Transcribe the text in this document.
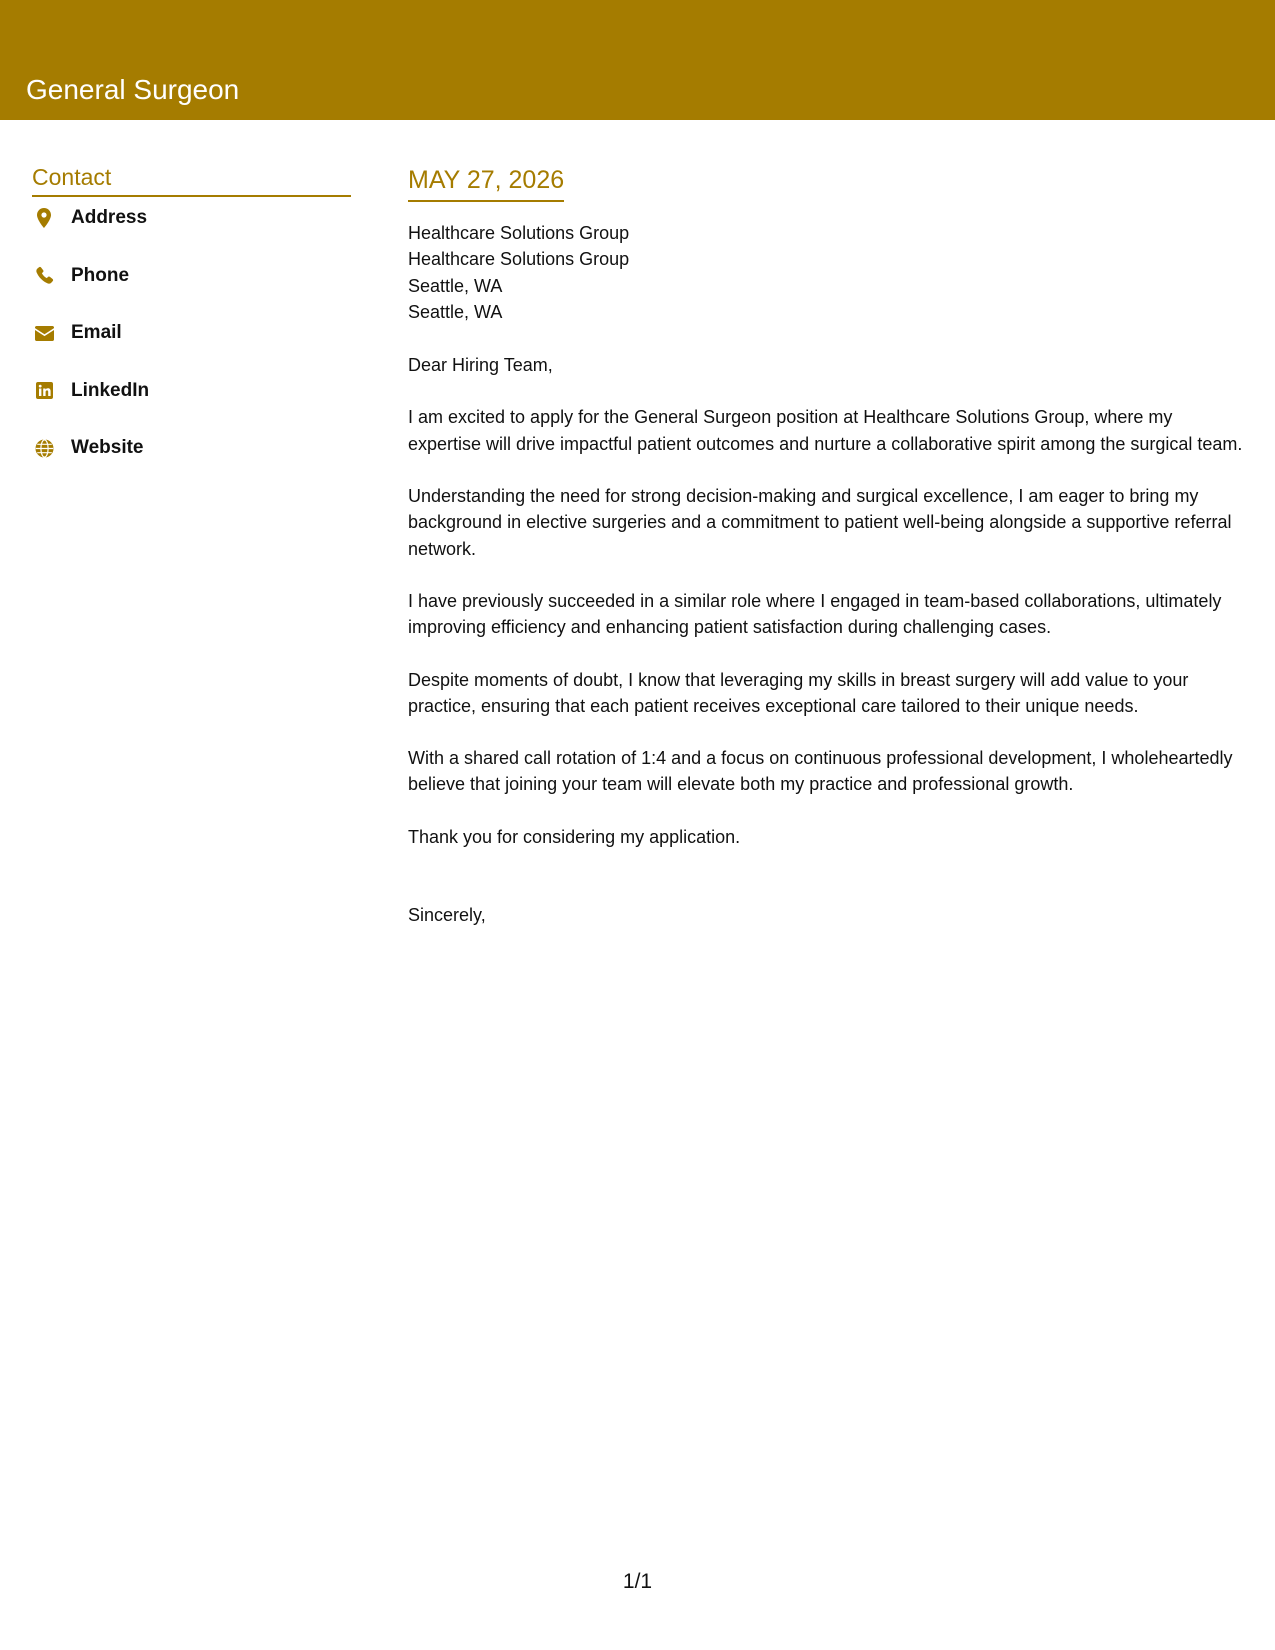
General Surgeon
Contact
Address
Phone
Email
LinkedIn
Website
MAY 27, 2026
Healthcare Solutions Group
Healthcare Solutions Group
Seattle, WA
Seattle, WA
Dear Hiring Team,

I am excited to apply for the General Surgeon position at Healthcare Solutions Group, where my expertise will drive impactful patient outcomes and nurture a collaborative spirit among the surgical team.

Understanding the need for strong decision-making and surgical excellence, I am eager to bring my background in elective surgeries and a commitment to patient well-being alongside a supportive referral network.

I have previously succeeded in a similar role where I engaged in team-based collaborations, ultimately improving efficiency and enhancing patient satisfaction during challenging cases.

Despite moments of doubt, I know that leveraging my skills in breast surgery will add value to your practice, ensuring that each patient receives exceptional care tailored to their unique needs.

With a shared call rotation of 1:4 and a focus on continuous professional development, I wholeheartedly believe that joining your team will elevate both my practice and professional growth.

Thank you for considering my application.
Sincerely,
1/1
